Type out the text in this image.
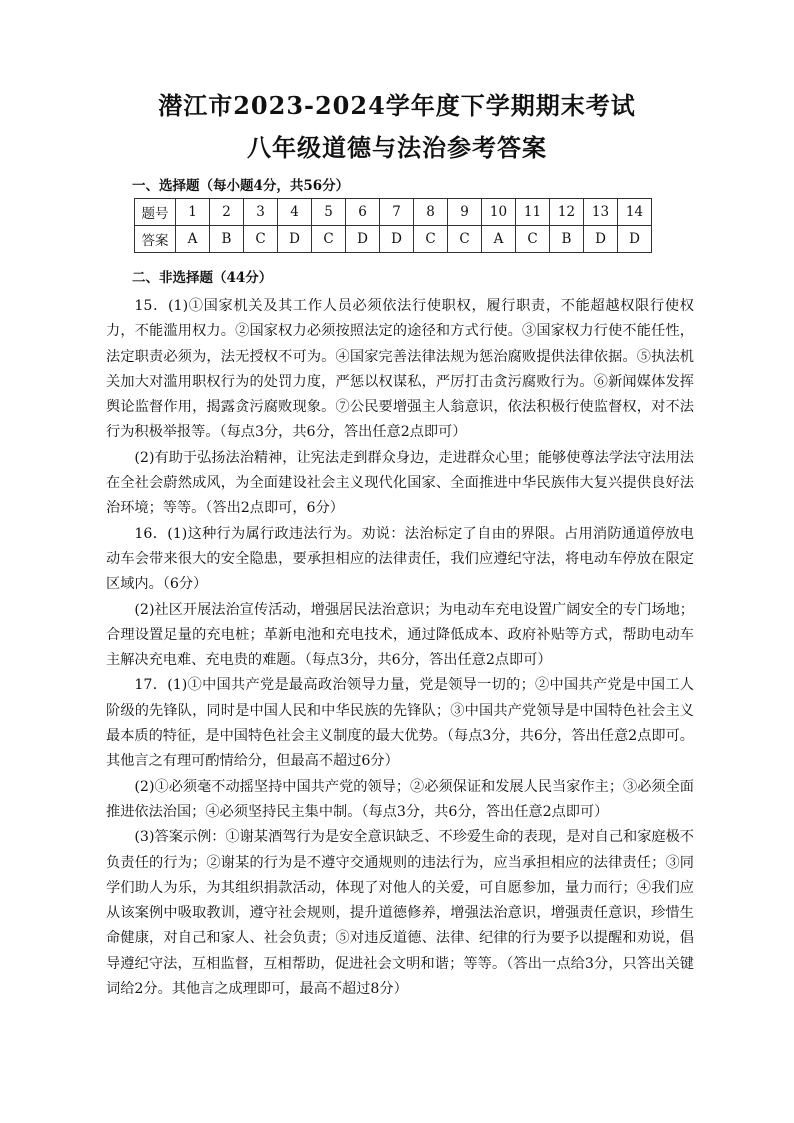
潜江市2023-2024学年度下学期期末考试
八年级道德与法治参考答案
一、选择题（每小题4分，共56分）
题号	1	2	3	4	5	6	7	8	9	10	11	12	13	14
答案	A	B	C	D	C	D	D	C	C	A	C	B	D	D
二、非选择题（44分）

15．(1)①国家机关及其工作人员必须依法行使职权，履行职责，不能超越权限行使权力，不能滥用权力。②国家权力必须按照法定的途径和方式行使。③国家权力行使不能任性，法定职责必须为，法无授权不可为。④国家完善法律法规为惩治腐败提供法律依据。⑤执法机关加大对滥用职权行为的处罚力度，严惩以权谋私，严厉打击贪污腐败行为。⑥新闻媒体发挥舆论监督作用，揭露贪污腐败现象。⑦公民要增强主人翁意识，依法积极行使监督权，对不法行为积极举报等。（每点3分，共6分，答出任意2点即可）

(2)有助于弘扬法治精神，让宪法走到群众身边，走进群众心里；能够使尊法学法守法用法在全社会蔚然成风，为全面建设社会主义现代化国家、全面推进中华民族伟大复兴提供良好法治环境；等等。（答出2点即可，6分）

16．(1)这种行为属行政违法行为。劝说：法治标定了自由的界限。占用消防通道停放电动车会带来很大的安全隐患，要承担相应的法律责任，我们应遵纪守法，将电动车停放在限定区域内。（6分）

(2)社区开展法治宣传活动，增强居民法治意识；为电动车充电设置广阔安全的专门场地；合理设置足量的充电桩；革新电池和充电技术，通过降低成本、政府补贴等方式，帮助电动车主解决充电难、充电贵的难题。（每点3分，共6分，答出任意2点即可）

17．(1)①中国共产党是最高政治领导力量，党是领导一切的；②中国共产党是中国工人阶级的先锋队，同时是中国人民和中华民族的先锋队；③中国共产党领导是中国特色社会主义最本质的特征，是中国特色社会主义制度的最大优势。（每点3分，共6分，答出任意2点即可。其他言之有理可酌情给分，但最高不超过6分）

(2)①必须毫不动摇坚持中国共产党的领导；②必须保证和发展人民当家作主；③必须全面推进依法治国；④必须坚持民主集中制。（每点3分，共6分，答出任意2点即可）

(3)答案示例：①谢某酒驾行为是安全意识缺乏、不珍爱生命的表现，是对自己和家庭极不负责任的行为；②谢某的行为是不遵守交通规则的违法行为，应当承担相应的法律责任；③同学们助人为乐，为其组织捐款活动，体现了对他人的关爱，可自愿参加，量力而行；④我们应从该案例中吸取教训，遵守社会规则，提升道德修养，增强法治意识，增强责任意识，珍惜生命健康，对自己和家人、社会负责；⑤对违反道德、法律、纪律的行为要予以提醒和劝说，倡导遵纪守法，互相监督，互相帮助，促进社会文明和谐；等等。（答出一点给3分，只答出关键词给2分。其他言之成理即可，最高不超过8分）
